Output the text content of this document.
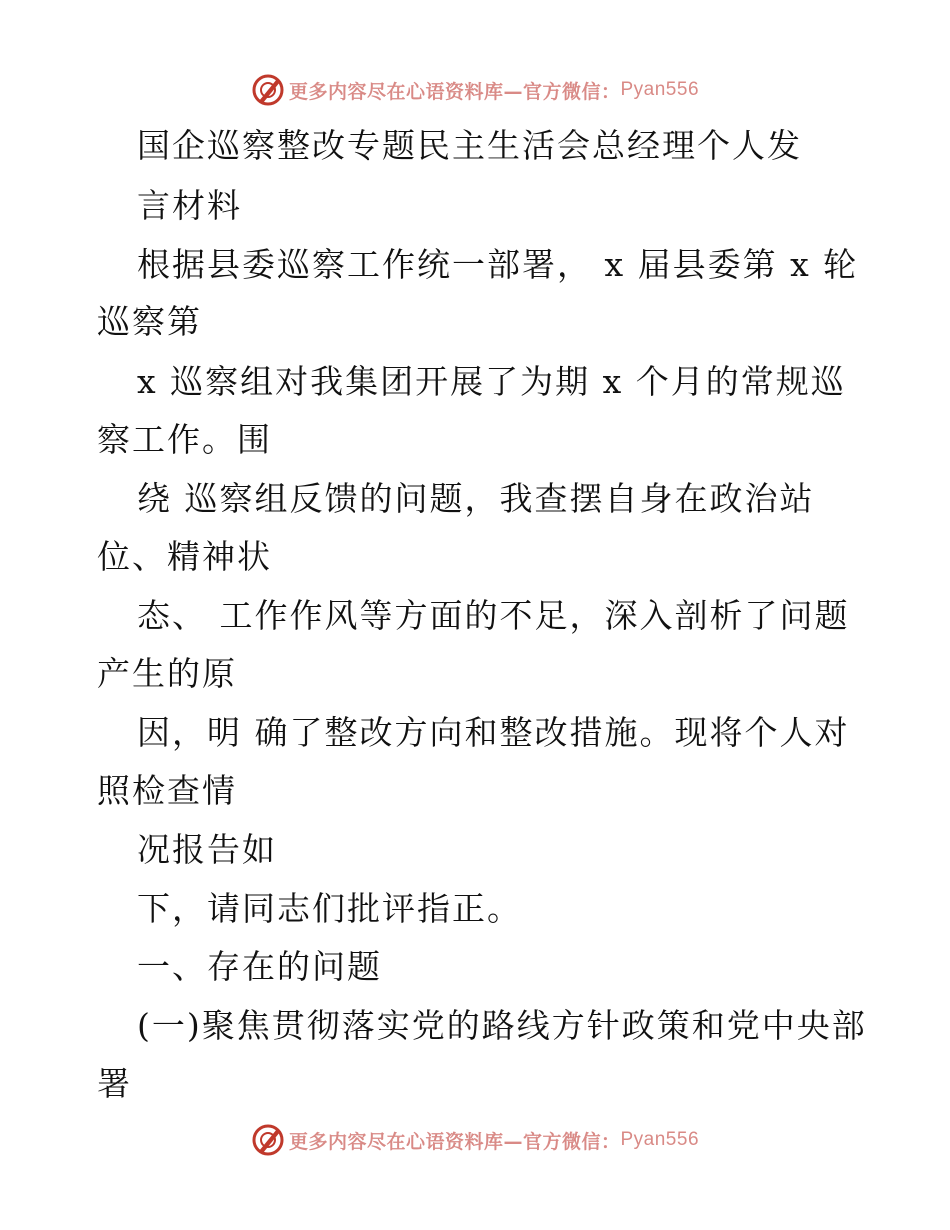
更多内容尽在心语资料库—官方微信： Pyan556
国企巡察整改专题民主生活会总经理个人发
言材料
根据县委巡察工作统一部署， x 届县委第 x 轮
巡察第
x 巡察组对我集团开展了为期 x 个月的常规巡
察工作。围
绕 巡察组反馈的问题，我查摆自身在政治站
位、精神状
态、 工作作风等方面的不足，深入剖析了问题
产生的原
因，明 确了整改方向和整改措施。现将个人对
照检查情
况报告如
下，请同志们批评指正。
一、存在的问题
(一)聚焦贯彻落实党的路线方针政策和党中央部
署
更多内容尽在心语资料库—官方微信： Pyan556
